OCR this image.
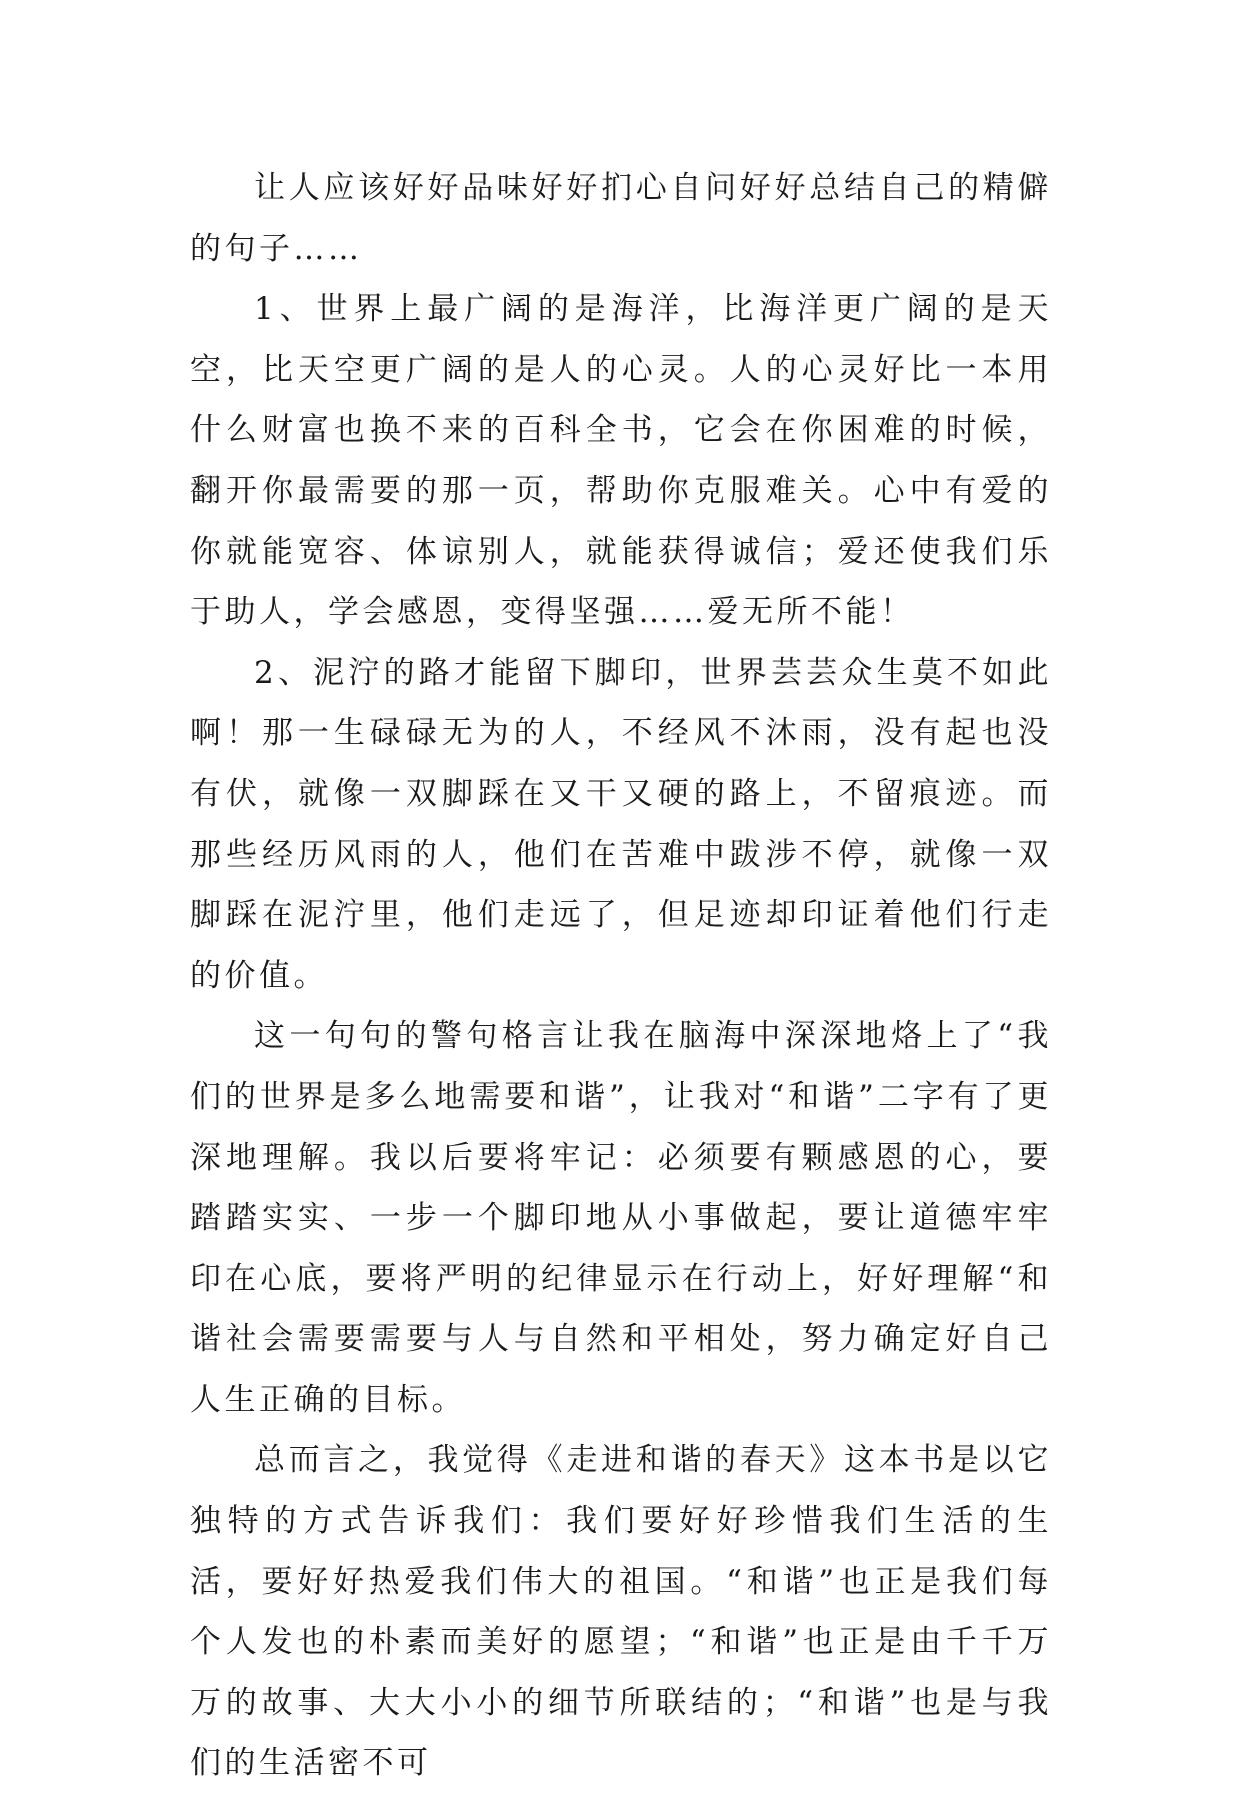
让人应该好好品味好好扪心自问好好总结自己的精僻的句子……

1、世界上最广阔的是海洋，比海洋更广阔的是天空，比天空更广阔的是人的心灵。人的心灵好比一本用什么财富也换不来的百科全书，它会在你困难的时候，翻开你最需要的那一页，帮助你克服难关。心中有爱的你就能宽容、体谅别人，就能获得诚信；爱还使我们乐于助人，学会感恩，变得坚强……爱无所不能！

2、泥泞的路才能留下脚印，世界芸芸众生莫不如此啊！那一生碌碌无为的人，不经风不沐雨，没有起也没有伏，就像一双脚踩在又干又硬的路上，不留痕迹。而那些经历风雨的人，他们在苦难中跋涉不停，就像一双脚踩在泥泞里，他们走远了，但足迹却印证着他们行走的价值。

这一句句的警句格言让我在脑海中深深地烙上了“我们的世界是多么地需要和谐”，让我对“和谐”二字有了更深地理解。我以后要将牢记：必须要有颗感恩的心，要踏踏实实、一步一个脚印地从小事做起，要让道德牢牢印在心底，要将严明的纪律显示在行动上，好好理解“和谐社会需要需要与人与自然和平相处，努力确定好自己人生正确的目标。

总而言之，我觉得《走进和谐的春天》这本书是以它独特的方式告诉我们：我们要好好珍惜我们生活的生活，要好好热爱我们伟大的祖国。“和谐”也正是我们每个人发也的朴素而美好的愿望；“和谐”也正是由千千万万的故事、大大小小的细节所联结的；“和谐”也是与我们的生活密不可
